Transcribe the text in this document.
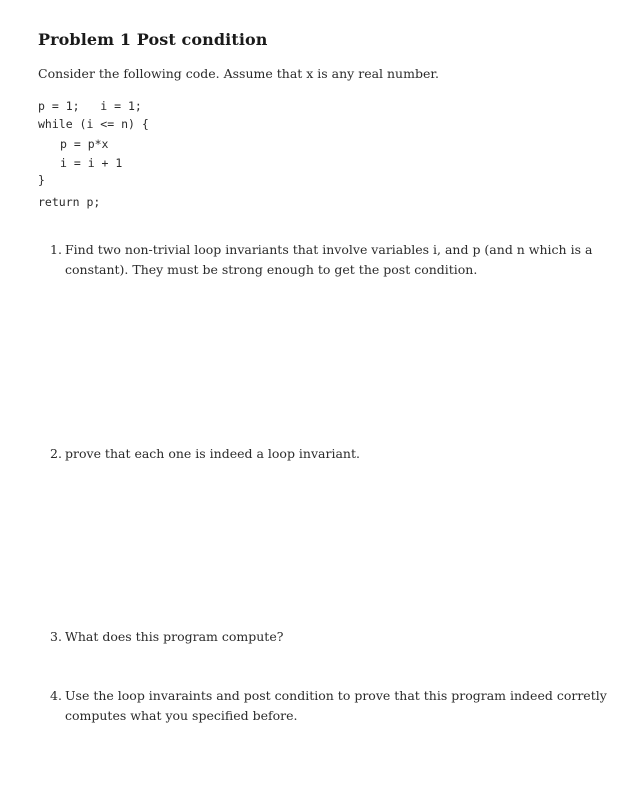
Problem 1 Post condition
Consider the following code. Assume that x is any real number.
p = 1;   i = 1;
while (i <= n) {
p = p*x
i = i + 1
}
return p;
1. Find two non-trivial loop invariants that involve variables i, and p (and n which is a constant). They must be strong enough to get the post condition.
2. prove that each one is indeed a loop invariant.
3. What does this program compute?
4. Use the loop invaraints and post condition to prove that this program indeed corretly computes what you specified before.
